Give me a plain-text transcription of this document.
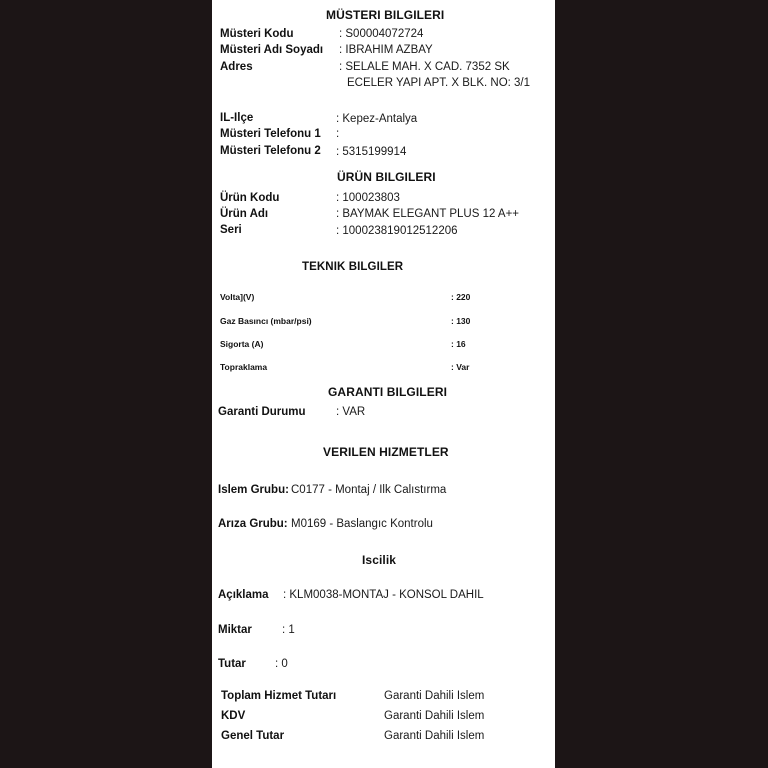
MÜSTERI BILGILERI
Müsteri Kodu	: S00004072724
Müsteri Adı Soyadı : IBRAHIM AZBAY
Adres	: SELALE MAH. X CAD. 7352 SK
ECELER YAPI APT. X BLK. NO: 3/1
IL-Ilçe	: Kepez-Antalya
Müsteri Telefonu 1 :
Müsteri Telefonu 2 : 5315199914
ÜRÜN BILGILERI
Ürün Kodu	: 100023803
Ürün Adı	: BAYMAK ELEGANT PLUS 12 A++
Seri	: 100023819012512206
TEKNIK BILGILER
Volta](V)	: 220
Gaz Basıncı (mbar/psi)	: 130
Sigorta (A)	: 16
Topraklama	: Var
GARANTI BILGILERI
Garanti Durumu	: VAR
VERILEN HIZMETLER
Islem Grubu: C0177 - Montaj / Ilk Calıstırma
Arıza Grubu: M0169 - Baslangıc Kontrolu
Iscilik
Açıklama : KLM0038-MONTAJ - KONSOL DAHIL
Miktar	: 1
Tutar	: 0
Toplam Hizmet Tutarı	Garanti Dahili Islem
KDV	Garanti Dahili Islem
Genel Tutar	Garanti Dahili Islem
